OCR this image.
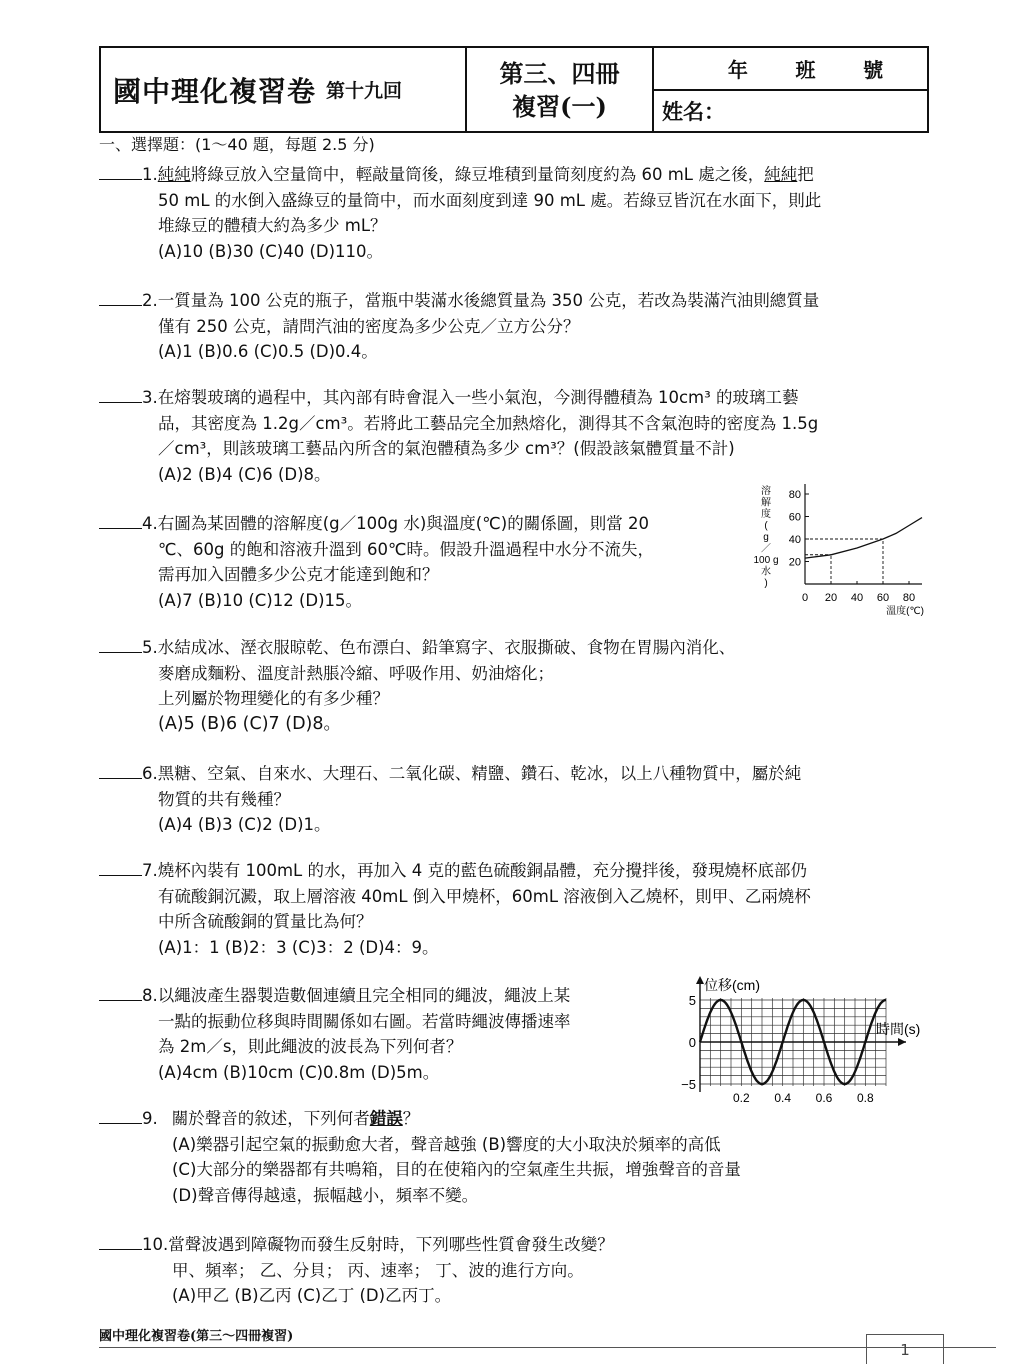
國中理化複習卷 第十九回
第三、四冊
複習(一)
年 班 號
姓名：
一、選擇題：(1～40 題，每題 2.5 分)
1.純純將綠豆放入空量筒中，輕敲量筒後，綠豆堆積到量筒刻度約為 60 mL 處之後，純純把
50 mL 的水倒入盛綠豆的量筒中，而水面刻度到達 90 mL 處。若綠豆皆沉在水面下，則此
堆綠豆的體積大約為多少 mL？
(A)10 (B)30 (C)40 (D)110。
2.一質量為 100 公克的瓶子，當瓶中裝滿水後總質量為 350 公克，若改為裝滿汽油則總質量
僅有 250 公克，請問汽油的密度為多少公克／立方公分？
(A)1 (B)0.6 (C)0.5 (D)0.4。
3.在熔製玻璃的過程中，其內部有時會混入一些小氣泡，今測得體積為 10cm³ 的玻璃工藝
品，其密度為 1.2g／cm³。若將此工藝品完全加熱熔化，測得其不含氣泡時的密度為 1.5g
／cm³，則該玻璃工藝品內所含的氣泡體積為多少 cm³？(假設該氣體質量不計)
(A)2 (B)4 (C)6 (D)8。
4.右圖為某固體的溶解度(g／100g 水)與溫度(℃)的關係圖，則當 20
℃、60g 的飽和溶液升溫到 60℃時。假設升溫過程中水分不流失，
需再加入固體多少公克才能達到飽和？
(A)7 (B)10 (C)12 (D)15。
20
40
60
80
0 20 40 60 80
溫度(℃)
溶
解
度
(
g
／
100 g
水
)
5.水結成冰、溼衣服晾乾、色布漂白、鉛筆寫字、衣服撕破、食物在胃腸內消化、
麥磨成麵粉、溫度計熱脹冷縮、呼吸作用、奶油熔化；
上列屬於物理變化的有多少種？
(A)5 (B)6 (C)7 (D)8。
6.黑糖、空氣、自來水、大理石、二氧化碳、精鹽、鑽石、乾冰，以上八種物質中，屬於純
物質的共有幾種？
(A)4 (B)3 (C)2 (D)1。
7.燒杯內裝有 100mL 的水，再加入 4 克的藍色硫酸銅晶體，充分攪拌後，發現燒杯底部仍
有硫酸銅沉澱，取上層溶液 40mL 倒入甲燒杯，60mL 溶液倒入乙燒杯，則甲、乙兩燒杯
中所含硫酸銅的質量比為何？
(A)1：1 (B)2：3 (C)3：2 (D)4：9。
8.以繩波產生器製造數個連續且完全相同的繩波，繩波上某
一點的振動位移與時間關係如右圖。若當時繩波傳播速率
為 2m／s，則此繩波的波長為下列何者？
(A)4cm (B)10cm (C)0.8m (D)5m。
位移(cm)
時間(s)
5
0
−5
0.2 0.4 0.6 0.8
9. 關於聲音的敘述，下列何者錯誤？
(A)樂器引起空氣的振動愈大者，聲音越強 (B)響度的大小取決於頻率的高低
(C)大部分的樂器都有共鳴箱，目的在使箱內的空氣產生共振，增強聲音的音量
(D)聲音傳得越遠，振幅越小，頻率不變。
10.當聲波遇到障礙物而發生反射時，下列哪些性質會發生改變？
甲、頻率； 乙、分貝； 丙、速率； 丁、波的進行方向。
(A)甲乙 (B)乙丙 (C)乙丁 (D)乙丙丁。
國中理化複習卷(第三～四冊複習)
1
